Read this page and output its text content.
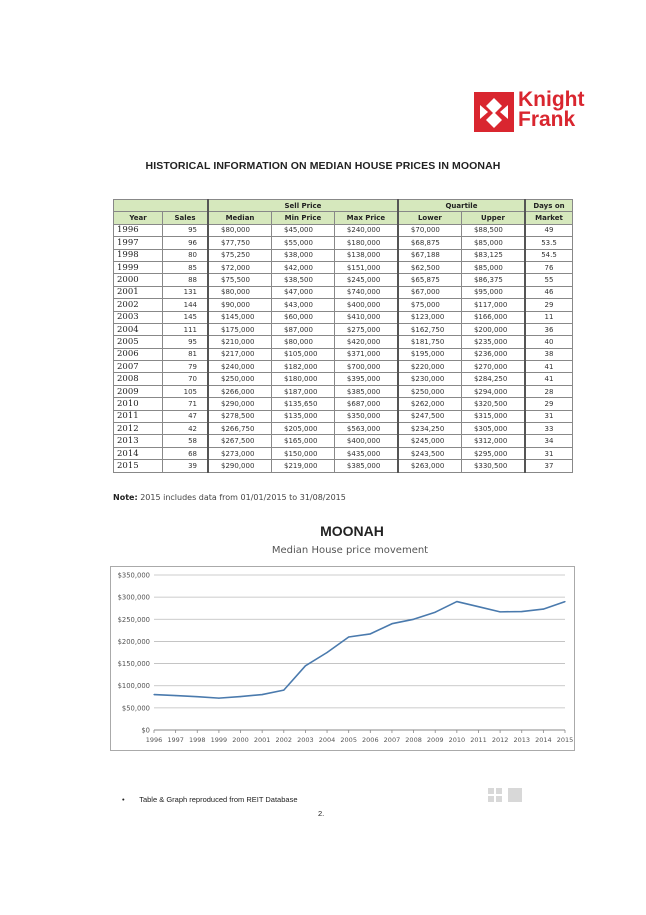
Knight
Frank
HISTORICAL INFORMATION ON MEDIAN HOUSE PRICES IN MOONAH
		Sell Price			Quartile		Days on
Year	Sales	Median	Min Price	Max Price	Lower	Upper	Market
1996	95	$80,000	$45,000	$240,000	$70,000	$88,500	49
1997	96	$77,750	$55,000	$180,000	$68,875	$85,000	53.5
1998	80	$75,250	$38,000	$138,000	$67,188	$83,125	54.5
1999	85	$72,000	$42,000	$151,000	$62,500	$85,000	76
2000	88	$75,500	$38,500	$245,000	$65,875	$86,375	55
2001	131	$80,000	$47,000	$740,000	$67,000	$95,000	46
2002	144	$90,000	$43,000	$400,000	$75,000	$117,000	29
2003	145	$145,000	$60,000	$410,000	$123,000	$166,000	11
2004	111	$175,000	$87,000	$275,000	$162,750	$200,000	36
2005	95	$210,000	$80,000	$420,000	$181,750	$235,000	40
2006	81	$217,000	$105,000	$371,000	$195,000	$236,000	38
2007	79	$240,000	$182,000	$700,000	$220,000	$270,000	41
2008	70	$250,000	$180,000	$395,000	$230,000	$284,250	41
2009	105	$266,000	$187,000	$385,000	$250,000	$294,000	28
2010	71	$290,000	$135,650	$687,000	$262,000	$320,500	29
2011	47	$278,500	$135,000	$350,000	$247,500	$315,000	31
2012	42	$266,750	$205,000	$563,000	$234,250	$305,000	33
2013	58	$267,500	$165,000	$400,000	$245,000	$312,000	34
2014	68	$273,000	$150,000	$435,000	$243,500	$295,000	31
2015	39	$290,000	$219,000	$385,000	$263,000	$330,500	37
Note: 2015 includes data from 01/01/2015 to 31/08/2015
MOONAH
Median House price movement
$0
$50,000
$100,000
$150,000
$200,000
$250,000
$300,000
$350,000
1996 1997 1998 1999 2000 2001 2002 2003 2004 2005 2006 2007 2008 2009 2010 2011 2012 2013 2014 2015
•       Table & Graph reproduced from REIT Database
2.
